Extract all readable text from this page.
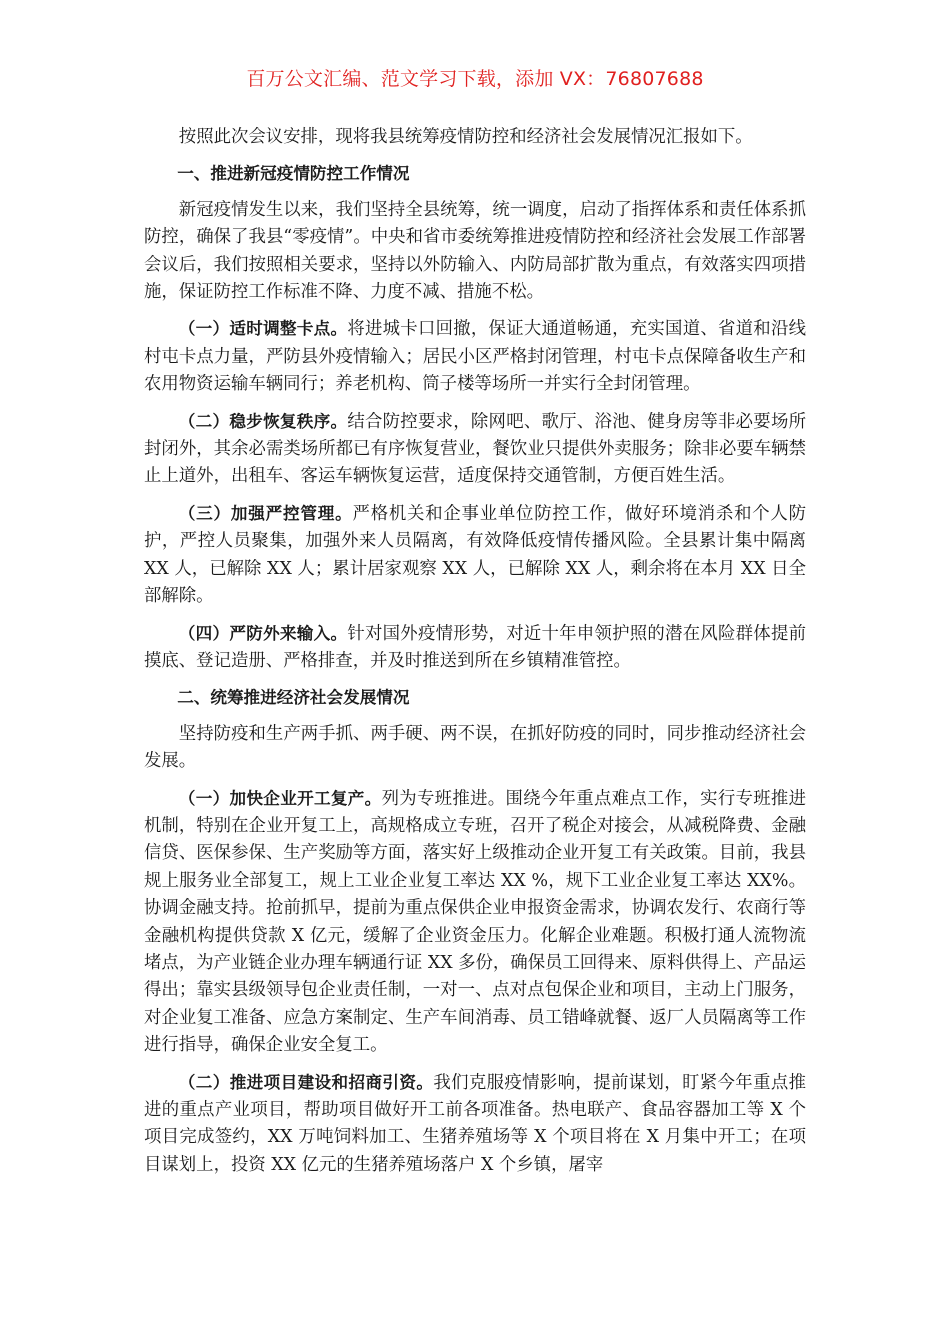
百万公文汇编、范文学习下载，添加 VX：76807688

按照此次会议安排，现将我县统筹疫情防控和经济社会发展情况汇报如下。

一、推进新冠疫情防控工作情况

新冠疫情发生以来，我们坚持全县统筹，统一调度，启动了指挥体系和责任体系抓防控，确保了我县“零疫情”。中央和省市委统筹推进疫情防控和经济社会发展工作部署会议后，我们按照相关要求，坚持以外防输入、内防局部扩散为重点，有效落实四项措施，保证防控工作标准不降、力度不减、措施不松。

（一）适时调整卡点。将进城卡口回撤，保证大通道畅通，充实国道、省道和沿线村屯卡点力量，严防县外疫情输入；居民小区严格封闭管理，村屯卡点保障备收生产和农用物资运输车辆同行；养老机构、筒子楼等场所一并实行全封闭管理。

（二）稳步恢复秩序。结合防控要求，除网吧、歌厅、浴池、健身房等非必要场所封闭外，其余必需类场所都已有序恢复营业，餐饮业只提供外卖服务；除非必要车辆禁止上道外，出租车、客运车辆恢复运营，适度保持交通管制，方便百姓生活。

（三）加强严控管理。严格机关和企事业单位防控工作，做好环境消杀和个人防护，严控人员聚集，加强外来人员隔离，有效降低疫情传播风险。全县累计集中隔离 XX 人，已解除 XX 人；累计居家观察 XX 人，已解除 XX 人，剩余将在本月 XX 日全部解除。

（四）严防外来输入。针对国外疫情形势，对近十年申领护照的潜在风险群体提前摸底、登记造册、严格排查，并及时推送到所在乡镇精准管控。

二、统筹推进经济社会发展情况

坚持防疫和生产两手抓、两手硬、两不误，在抓好防疫的同时，同步推动经济社会发展。

（一）加快企业开工复产。列为专班推进。围绕今年重点难点工作，实行专班推进机制，特别在企业开复工上，高规格成立专班，召开了税企对接会，从减税降费、金融信贷、医保参保、生产奖励等方面，落实好上级推动企业开复工有关政策。目前，我县规上服务业全部复工，规上工业企业复工率达 XX %，规下工业企业复工率达 XX%。协调金融支持。抢前抓早，提前为重点保供企业申报资金需求，协调农发行、农商行等金融机构提供贷款 X 亿元，缓解了企业资金压力。化解企业难题。积极打通人流物流堵点，为产业链企业办理车辆通行证 XX 多份，确保员工回得来、原料供得上、产品运得出；靠实县级领导包企业责任制，一对一、点对点包保企业和项目，主动上门服务，对企业复工准备、应急方案制定、生产车间消毒、员工错峰就餐、返厂人员隔离等工作进行指导，确保企业安全复工。

（二）推进项目建设和招商引资。我们克服疫情影响，提前谋划，盯紧今年重点推进的重点产业项目，帮助项目做好开工前各项准备。热电联产、食品容器加工等 X 个项目完成签约，XX 万吨饲料加工、生猪养殖场等 X 个项目将在 X 月集中开工；在项目谋划上，投资 XX 亿元的生猪养殖场落户 X 个乡镇，屠宰
